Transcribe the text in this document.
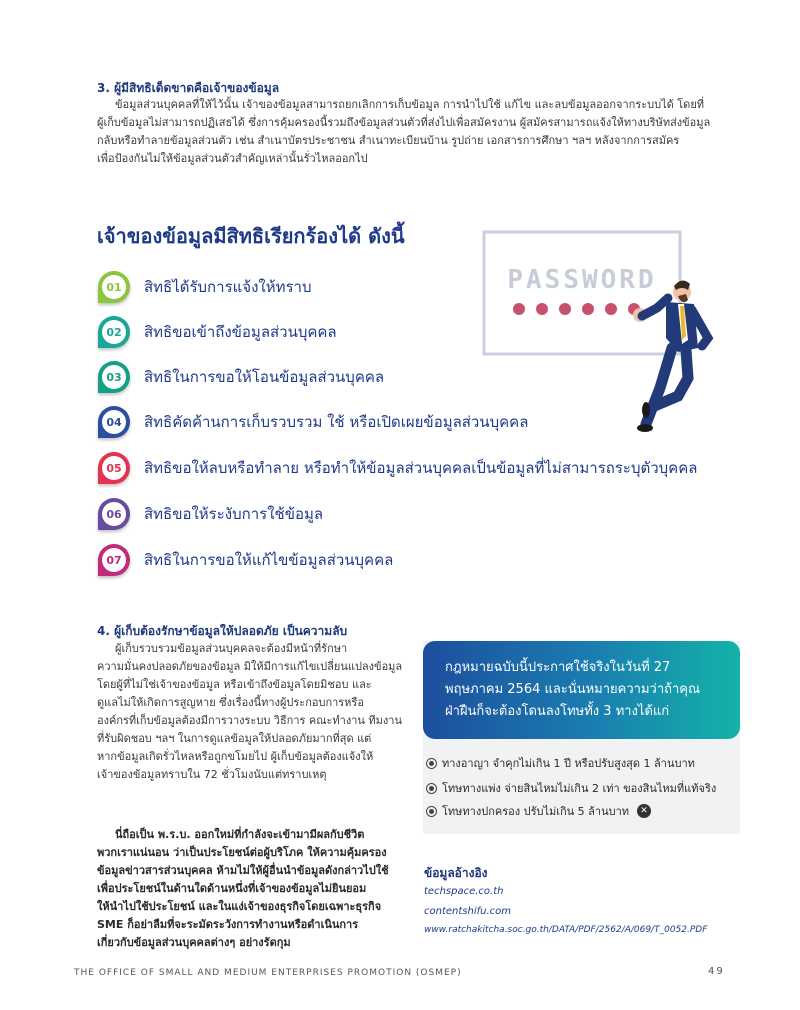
3. ผู้มีสิทธิเด็ดขาดคือเจ้าของข้อมูล
ข้อมูลส่วนบุคคลที่ให้ไว้นั้น เจ้าของข้อมูลสามารถยกเลิกการเก็บข้อมูล การนำไปใช้ แก้ไข และลบข้อมูลออกจากระบบได้ โดยที่
ผู้เก็บข้อมูลไม่สามารถปฏิเสธได้ ซึ่งการคุ้มครองนี้รวมถึงข้อมูลส่วนตัวที่ส่งไปเพื่อสมัครงาน ผู้สมัครสามารถแจ้งให้ทางบริษัทส่งข้อมูล
กลับหรือทำลายข้อมูลส่วนตัว เช่น สำเนาบัตรประชาชน สำเนาทะเบียนบ้าน รูปถ่าย เอกสารการศึกษา ฯลฯ หลังจากการสมัคร
เพื่อป้องกันไม่ให้ข้อมูลส่วนตัวสำคัญเหล่านั้นรั่วไหลออกไป
เจ้าของข้อมูลมีสิทธิเรียกร้องได้ ดังนี้
01 สิทธิได้รับการแจ้งให้ทราบ
02 สิทธิขอเข้าถึงข้อมูลส่วนบุคคล
03 สิทธิในการขอให้โอนข้อมูลส่วนบุคคล
04 สิทธิคัดค้านการเก็บรวบรวม ใช้ หรือเปิดเผยข้อมูลส่วนบุคคล
05 สิทธิขอให้ลบหรือทำลาย หรือทำให้ข้อมูลส่วนบุคคลเป็นข้อมูลที่ไม่สามารถระบุตัวบุคคล
06 สิทธิขอให้ระงับการใช้ข้อมูล
07 สิทธิในการขอให้แก้ไขข้อมูลส่วนบุคคล
PASSWORD
4. ผู้เก็บต้องรักษาข้อมูลให้ปลอดภัย เป็นความลับ
ผู้เก็บรวบรวมข้อมูลส่วนบุคคลจะต้องมีหน้าที่รักษา
ความมั่นคงปลอดภัยของข้อมูล มิให้มีการแก้ไขเปลี่ยนแปลงข้อมูล
โดยผู้ที่ไม่ใช่เจ้าของข้อมูล หรือเข้าถึงข้อมูลโดยมิชอบ และ
ดูแลไม่ให้เกิดการสูญหาย ซึ่งเรื่องนี้ทางผู้ประกอบการหรือ
องค์กรที่เก็บข้อมูลต้องมีการวางระบบ วิธีการ คณะทำงาน ทีมงาน
ที่รับผิดชอบ ฯลฯ ในการดูแลข้อมูลให้ปลอดภัยมากที่สุด แต่
หากข้อมูลเกิดรั่วไหลหรือถูกขโมยไป ผู้เก็บข้อมูลต้องแจ้งให้
เจ้าของข้อมูลทราบใน 72 ชั่วโมงนับแต่ทราบเหตุ
นี่ถือเป็น พ.ร.บ. ออกใหม่ที่กำลังจะเข้ามามีผลกับชีวิต
พวกเราแน่นอน ว่าเป็นประโยชน์ต่อผู้บริโภค ให้ความคุ้มครอง
ข้อมูลข่าวสารส่วนบุคคล ห้ามไม่ให้ผู้อื่นนำข้อมูลดังกล่าวไปใช้
เพื่อประโยชน์ในด้านใดด้านหนึ่งที่เจ้าของข้อมูลไม่ยินยอม
ให้นำไปใช้ประโยชน์ และในแง่เจ้าของธุรกิจโดยเฉพาะธุรกิจ
SME ก็อย่าลืมที่จะระมัดระวังการทำงานหรือดำเนินการ
เกี่ยวกับข้อมูลส่วนบุคคลต่างๆ อย่างรัดกุม
กฎหมายฉบับนี้ประกาศใช้จริงในวันที่ 27
พฤษภาคม 2564 และนั่นหมายความว่าถ้าคุณ
ฝ่าฝืนก็จะต้องโดนลงโทษทั้ง 3 ทางได้แก่
ทางอาญา จำคุกไม่เกิน 1 ปี หรือปรับสูงสุด 1 ล้านบาท
โทษทางแพ่ง จ่ายสินไหมไม่เกิน 2 เท่า ของสินไหมที่แท้จริง
โทษทางปกครอง ปรับไม่เกิน 5 ล้านบาท	✕
ข้อมูลอ้างอิง
techspace.co.th
contentshifu.com
www.ratchakitcha.soc.go.th/DATA/PDF/2562/A/069/T_0052.PDF
THE OFFICE OF SMALL AND MEDIUM ENTERPRISES PROMOTION (OSMEP)	49
